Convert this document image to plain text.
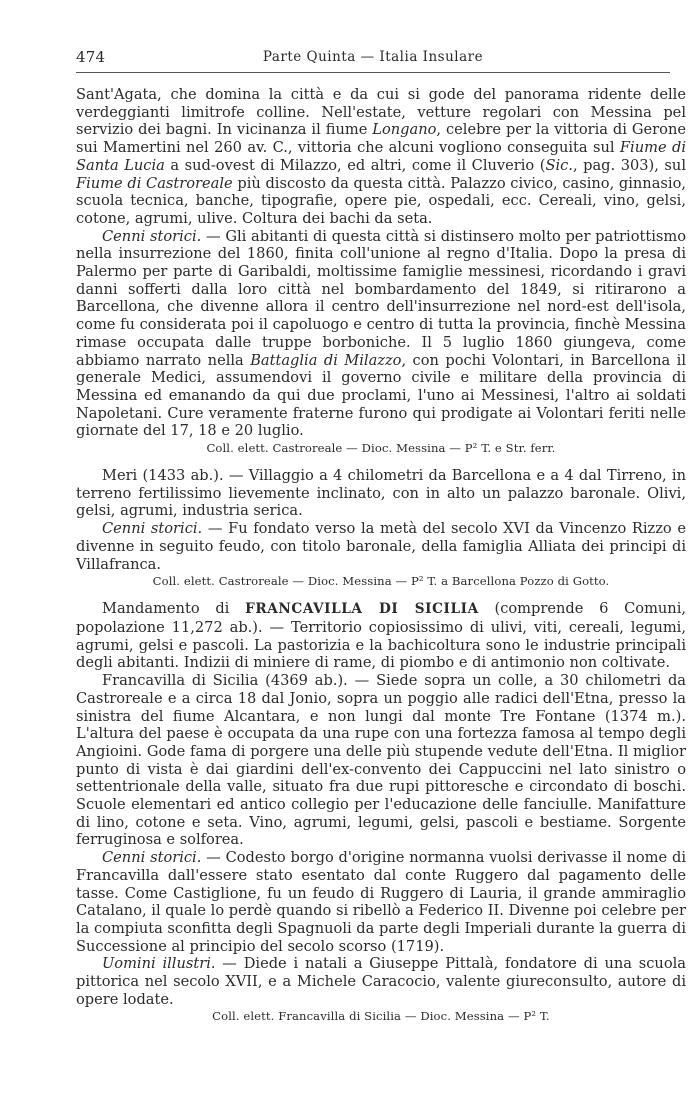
474	Parte Quinta — Italia Insulare

Sant'Agata, che domina la città e da cui si gode del panorama ridente delle verdeggianti limitrofe colline. Nell'estate, vetture regolari con Messina pel servizio dei bagni. In vicinanza il fiume Longano, celebre per la vittoria di Gerone sui Mamertini nel 260 av. C., vittoria che alcuni vogliono conseguita sul Fiume di Santa Lucia a sud-ovest di Milazzo, ed altri, come il Cluverio (Sic., pag. 303), sul Fiume di Castroreale più discosto da questa città. Palazzo civico, casino, ginnasio, scuola tecnica, banche, tipografie, opere pie, ospedali, ecc. Cereali, vino, gelsi, cotone, agrumi, ulive. Coltura dei bachi da seta.

Cenni storici. — Gli abitanti di questa città si distinsero molto per patriottismo nella insurrezione del 1860, finita coll'unione al regno d'Italia. Dopo la presa di Palermo per parte di Garibaldi, moltissime famiglie messinesi, ricordando i gravi danni sofferti dalla loro città nel bombardamento del 1849, si ritirarono a Barcellona, che divenne allora il centro dell'insurrezione nel nord-est dell'isola, come fu considerata poi il capoluogo e centro di tutta la provincia, finchè Messina rimase occupata dalle truppe borboniche. Il 5 luglio 1860 giungeva, come abbiamo narrato nella Battaglia di Milazzo, con pochi Volontari, in Barcellona il generale Medici, assumendovi il governo civile e militare della provincia di Messina ed emanando da qui due proclami, l'uno ai Messinesi, l'altro ai soldati Napoletani. Cure veramente fraterne furono qui prodigate ai Volontari feriti nelle giornate del 17, 18 e 20 luglio.

Coll. elett. Castroreale — Dioc. Messina — P² T. e Str. ferr.

Meri (1433 ab.). — Villaggio a 4 chilometri da Barcellona e a 4 dal Tirreno, in terreno fertilissimo lievemente inclinato, con in alto un palazzo baronale. Olivi, gelsi, agrumi, industria serica.

Cenni storici. — Fu fondato verso la metà del secolo XVI da Vincenzo Rizzo e divenne in seguito feudo, con titolo baronale, della famiglia Alliata dei principi di Villafranca.

Coll. elett. Castroreale — Dioc. Messina — P² T. a Barcellona Pozzo di Gotto.

Mandamento di FRANCAVILLA DI SICILIA (comprende 6 Comuni, popolazione 11,272 ab.). — Territorio copiosissimo di ulivi, viti, cereali, legumi, agrumi, gelsi e pascoli. La pastorizia e la bachicoltura sono le industrie principali degli abitanti. Indizii di miniere di rame, di piombo e di antimonio non coltivate.

Francavilla di Sicilia (4369 ab.). — Siede sopra un colle, a 30 chilometri da Castroreale e a circa 18 dal Jonio, sopra un poggio alle radici dell'Etna, presso la sinistra del fiume Alcantara, e non lungi dal monte Tre Fontane (1374 m.). L'altura del paese è occupata da una rupe con una fortezza famosa al tempo degli Angioini. Gode fama di porgere una delle più stupende vedute dell'Etna. Il miglior punto di vista è dai giardini dell'ex-convento dei Cappuccini nel lato sinistro o settentrionale della valle, situato fra due rupi pittoresche e circondato di boschi. Scuole elementari ed antico collegio per l'educazione delle fanciulle. Manifatture di lino, cotone e seta. Vino, agrumi, legumi, gelsi, pascoli e bestiame. Sorgente ferruginosa e solforea.

Cenni storici. — Codesto borgo d'origine normanna vuolsi derivasse il nome di Francavilla dall'essere stato esentato dal conte Ruggero dal pagamento delle tasse. Come Castiglione, fu un feudo di Ruggero di Lauria, il grande ammiraglio Catalano, il quale lo perdè quando si ribellò a Federico II. Divenne poi celebre per la compiuta sconfitta degli Spagnuoli da parte degli Imperiali durante la guerra di Successione al principio del secolo scorso (1719).

Uomini illustri. — Diede i natali a Giuseppe Pittalà, fondatore di una scuola pittorica nel secolo XVII, e a Michele Caracocio, valente giureconsulto, autore di opere lodate.

Coll. elett. Francavilla di Sicilia — Dioc. Messina — P² T.
